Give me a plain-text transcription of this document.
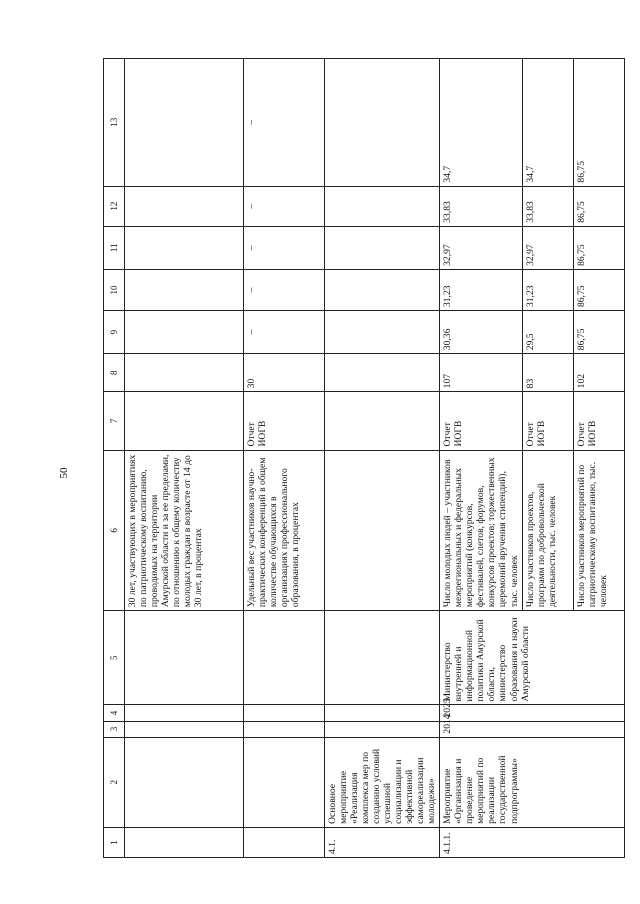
50
1	2	3	4	5	6	7	8	9	10	11	12	13
					30 лет, участвующих в мероприятиях по патриотическому воспитанию, проводимых на территории Амурской области и за ее пределами, по отношению к общему количеству молодых граждан в возрасте от 14 до 30 лет, в процентах							
					Удельный вес участников научно-практических конференций в общем количестве обучающихся в организациях профессионального образования, в процентах	Отчет ИОГВ	30	–	–	–	–	–
4.1.	Основное мероприятие «Реализация комплекса мер по созданию условий успешной социализации и эффективной самореализации молодежи»											
4.1.1.	Мероприятие «Организация и проведение мероприятий по реализации государственной подпрограммы»	2014	2025	Министерство внутренней и информационной политики Амурской области, министерство образования и науки Амурской области	Число молодых людей – участников межрегиональных и федеральных мероприятий (конкурсов, фестивалей, слетов, форумов, конкурсов проектов; торжественных церемоний вручения стипендий), тыс. человек	Отчет ИОГВ	107	30,36	31,23	32,97	33,83	34,7
					Число участников проектов, программ по добровольческой деятельности, тыс. человек	Отчет ИОГВ	83	29,5	31,23	32,97	33,83	34,7
					Число участников мероприятий по патриотическому воспитанию, тыс. человек	Отчет ИОГВ	102	86,75	86,75	86,75	86,75	86,75
